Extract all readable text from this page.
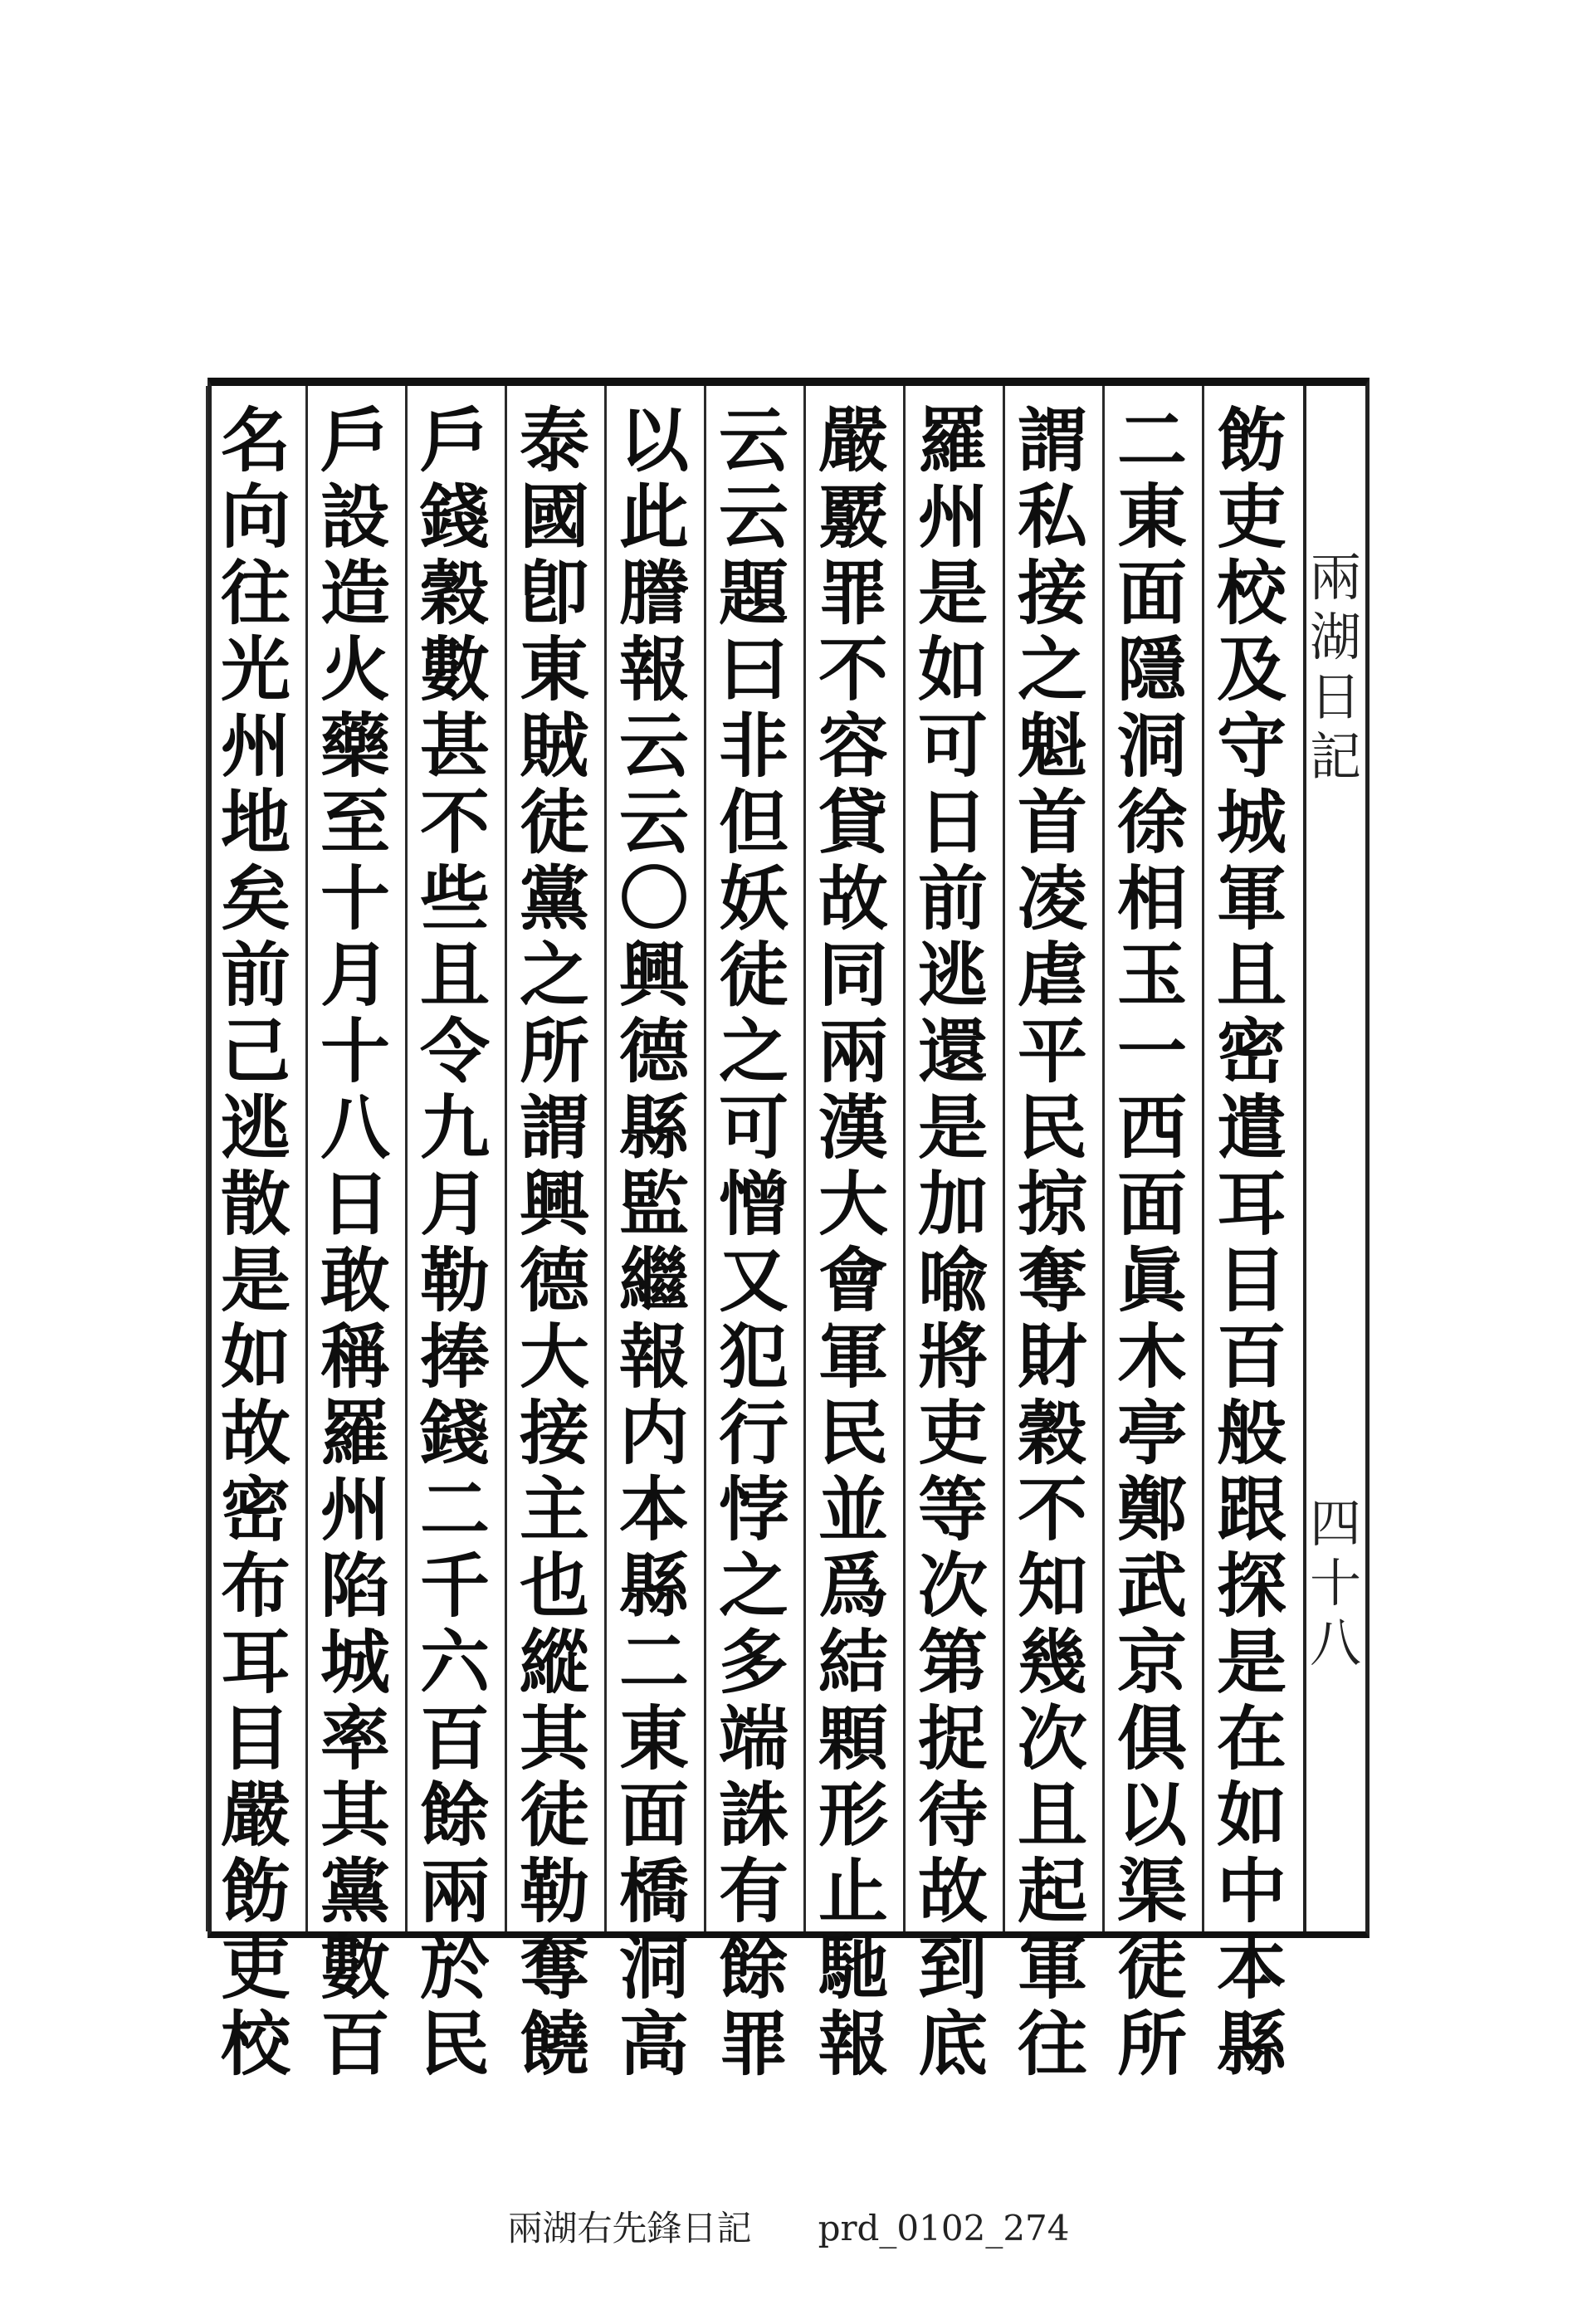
兩
湖
日
記
四
十
八
飭
吏
校
及
守
城
軍
且
密
遣
耳
目
百
般
跟
探
是
在
如
中
本
縣
二
東
面
隱
洞
徐
相
玉
一
西
面
眞
木
亭
鄭
武
京
俱
以
渠
徒
所
謂
私
接
之
魁
首
凌
虐
平
民
掠
奪
財
穀
不
知
幾
次
且
起
軍
往
羅
州
是
如
可
日
前
逃
還
是
加
喩
將
吏
等
次
第
捉
待
故
到
底
嚴
覈
罪
不
容
貸
故
同
兩
漢
大
會
軍
民
並
爲
結
顆
形
止
馳
報
云
云
題
曰
非
但
妖
徒
之
可
憎
又
犯
行
悖
之
多
端
誅
有
餘
罪
以
此
謄
報
云
云
〇
興
德
縣
監
繼
報
内
本
縣
二
東
面
橋
洞
高
泰
國
卽
東
賊
徒
黨
之
所
謂
興
德
大
接
主
也
縱
其
徒
勒
奪
饒
戶
錢
穀
數
甚
不
些
且
令
九
月
勒
捧
錢
二
千
六
百
餘
兩
於
民
戶
設
造
火
藥
至
十
月
十
八
日
敢
稱
羅
州
陷
城
率
其
黨
數
百
名
向
往
光
州
地
矣
前
己
逃
散
是
如
故
密
布
耳
目
嚴
飭
吏
校
兩湖右先鋒日記      prd_0102_274
